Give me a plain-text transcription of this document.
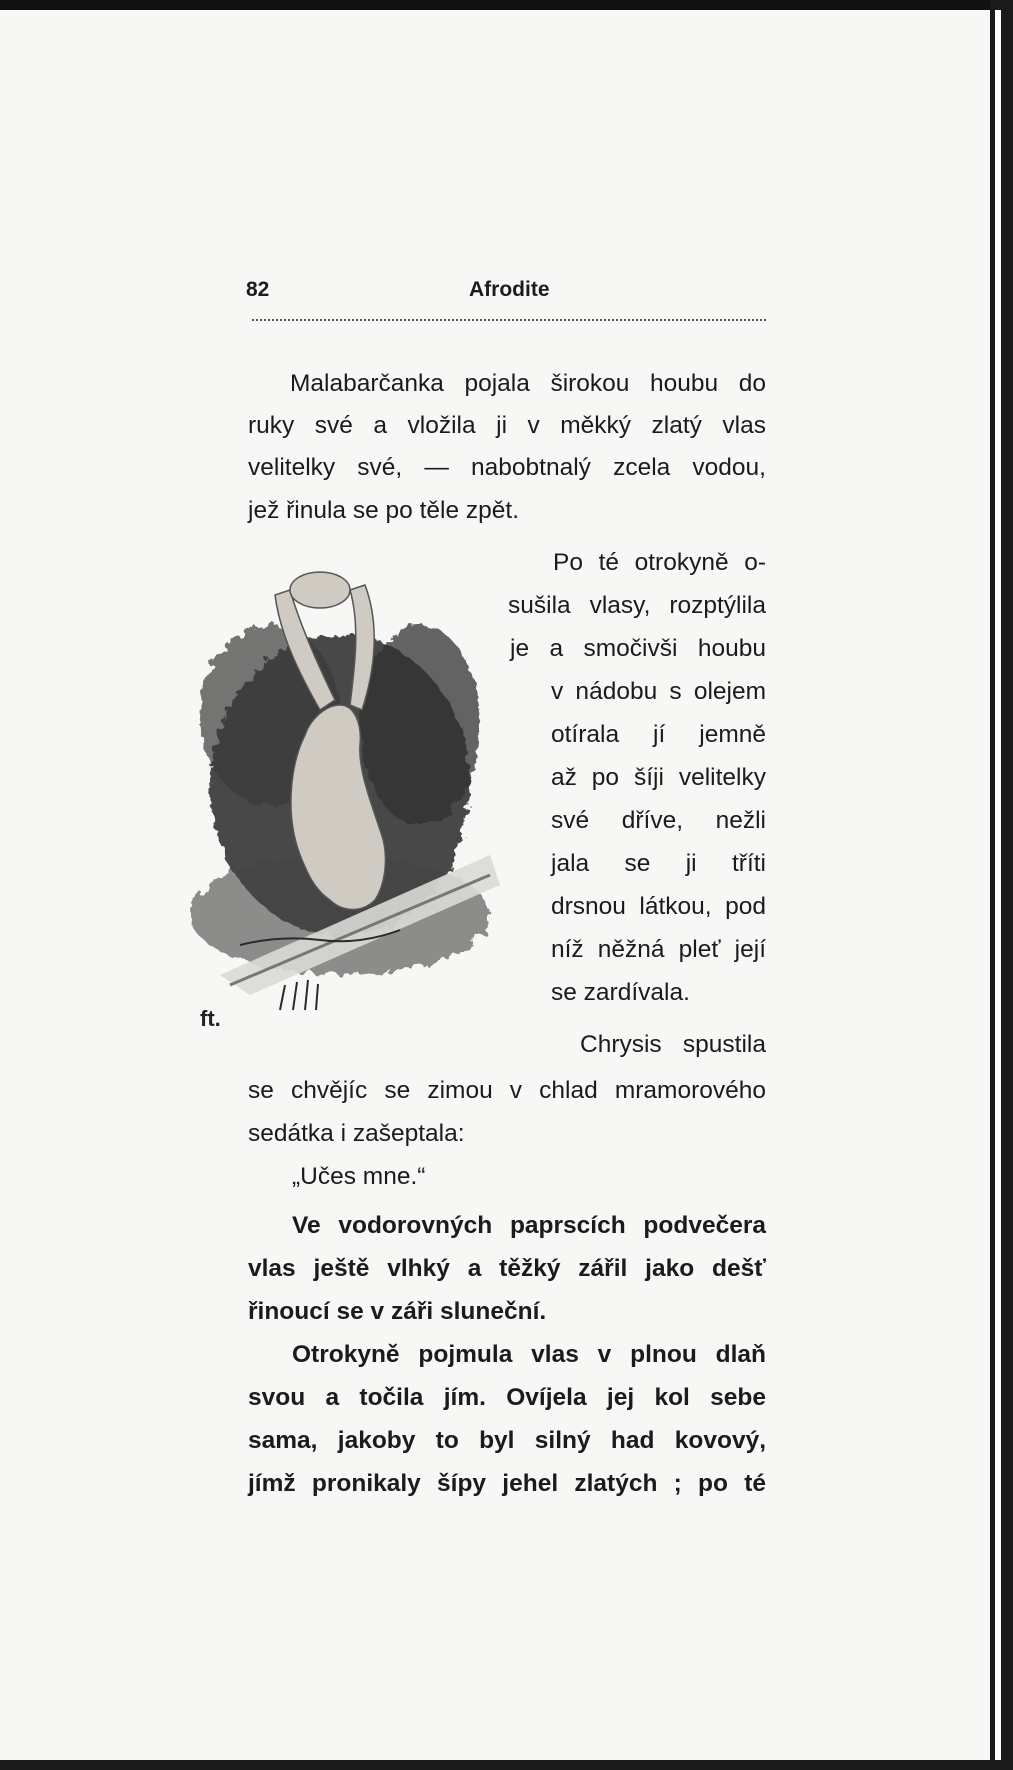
82	Afrodite
Malabarčanka pojala širokou houbu do
ruky své a vložila ji v měkký zlatý vlas
velitelky své, — nabobtnalý zcela vodou,
jež řinula se po těle zpět.
Po té otrokyně o-
sušila vlasy, rozptýlila
je a smočivši houbu
v nádobu s olejem
otírala jí jemně
až po šíji velitelky
své dříve, nežli
jala se ji tříti
drsnou látkou, pod
níž něžná pleť její
se zardívala.
Chrysis spustila
se chvějíc se zimou v chlad mramorového
sedátka i zašeptala:
„Učes mne.“
Ve vodorovných paprscích podvečera
vlas ještě vlhký a těžký zářil jako dešť
řinoucí se v záři sluneční.
Otrokyně pojmula vlas v plnou dlaň
svou a točila jím. Ovíjela jej kol sebe
sama, jakoby to byl silný had kovový,
jímž pronikaly šípy jehel zlatých ; po té
ft.
